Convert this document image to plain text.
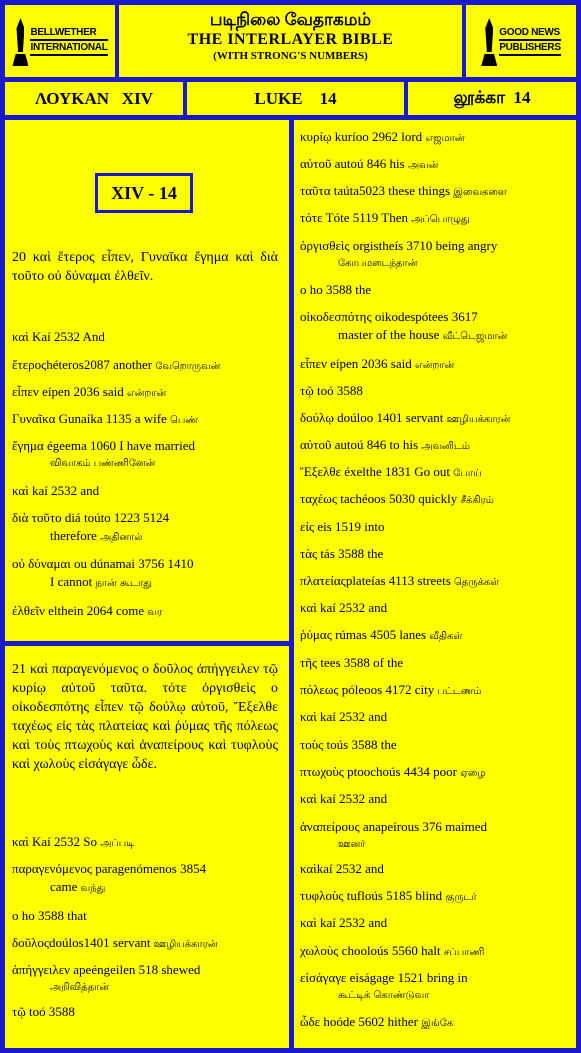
BELLWETHER
INTERNATIONAL
படிநிலை வேதாகமம்
THE INTERLAYER BIBLE
(WITH STRONG'S NUMBERS)
GOOD NEWS
PUBLISHERS
ΛΟΥΚΑΝ   XIV	LUKE    14	லூக்கா  14
XIV - 14
20 καὶ ἕτερος εἶπεν, Γυναῖκα ἔγημα καὶ διὰ τοῦτο οὐ δύναμαι ἐλθεῖν.
21 καὶ παραγενόμενος ο δοῦλος ἀπήγγειλεν τῷ κυρίῳ αὐτοῦ ταῦτα. τότε ὀργισθεὶς ο οἰκοδεσπότης εἶπεν τῷ δούλῳ αὐτοῦ, Ἔξελθε ταχέως εἰς τὰς πλατείας καὶ ῥύμας τῆς πόλεως καὶ τοὺς πτωχοὺς καὶ ἀναπείρους καὶ τυφλοὺς καὶ χωλοὺς εἰσάγαγε ὧδε.
καὶ Kaí 2532 And
ἕτεροςhéteros2087 another வேறொருவன்
εἶπεν eípen 2036 said என்றான்
Γυναῖκα Gunaíka 1135 a wife பெண்
ἔγημα égeema 1060 I have married
விவாகம் பண்ணினேன்
καὶ kaí 2532 and
διὰ τοῦτο diá toúto 1223 5124
therefore அதினால்
οὐ δύναμαι ou dúnamai 3756 1410
I cannot நான் கூடாது
ἐλθεῖν elthein 2064 come வர
καὶ Kaí 2532 So அப்படி
παραγενόμενος paragenómenos 3854
came வந்து
ο ho 3588 that
δοῦλοςdoúlos1401 servant ஊழியக்காரன்
ἀπήγγειλεν apeéngeilen 518 shewed
அறிவித்தான்
τῷ toó 3588
κυρίῳ kuríoo 2962 lord எஜமான்
αὐτοῦ autoú 846 his அவன்
ταῦτα taúta5023 these things இவைகளை
τότε Tóte 5119 Then அப்பொழுது
ὀργισθεὶς orgistheís 3710 being angry
கோபமடைந்தான்
ο ho 3588 the
οἰκοδεσπότης oikodespótees 3617
master of the house வீட்டெஜமான்
εἶπεν eípen 2036 said என்றான்
τῷ toó 3588
δούλῳ doúloo 1401 servant ஊழியக்காரன்
αὐτοῦ autoú 846 to his அவனிடம்
Ἔξελθε éxelthe 1831 Go out போய்
ταχέως tachéoos 5030 quickly சீக்கிரம்
εἰς eis 1519 into
τὰς tás 3588 the
πλατείαςplateías 4113 streets தெருக்கள்
καὶ kaí 2532 and
ῥύμας rúmas 4505 lanes வீதிகள்
τῆς tees 3588 of the
πόλεως póleoos 4172 city பட்டணம்
καὶ kaí 2532 and
τοὺς toús 3588 the
πτωχοὺς ptoochoús 4434 poor ஏழை
καὶ kaí 2532 and
ἀναπείρους anapeírous 376 maimed
ஊனர்
καὶkaí 2532 and
τυφλοὺς tufloús 5185 blind குருடர்
καὶ kaí 2532 and
χωλοὺς choolоús 5560 halt சப்பாணி
εἰσάγαγε eiságage 1521 bring in
கூட்டிக் கொண்டுவா
ὧδε hoóde 5602 hither இங்கே
